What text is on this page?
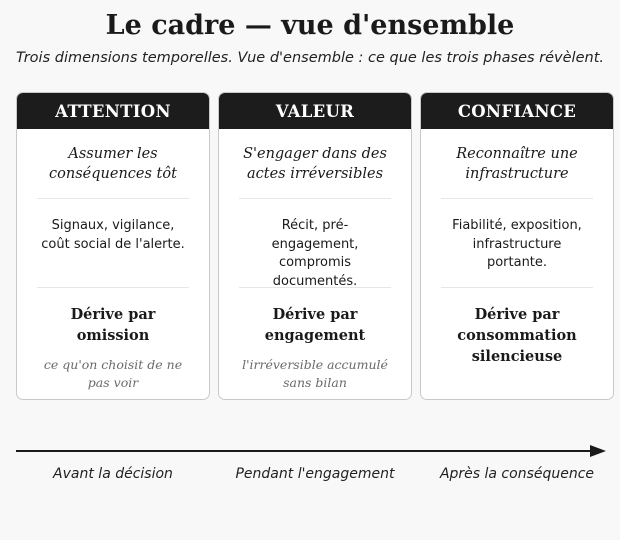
Le cadre — vue d'ensemble
Trois dimensions temporelles. Vue d'ensemble : ce que les trois phases révèlent.
ATTENTION
Assumer les conséquences tôt
Signaux, vigilance, coût social de l'alerte.
Dérive par omission
ce qu'on choisit de ne pas voir
VALEUR
S'engager dans des actes irréversibles
Récit, pré-engagement, compromis documentés.
Dérive par engagement
l'irréversible accumulé sans bilan
CONFIANCE
Reconnaître une infrastructure
Fiabilité, exposition, infrastructure portante.
Dérive par consommation silencieuse
Avant la décision	Pendant l'engagement	Après la conséquence
